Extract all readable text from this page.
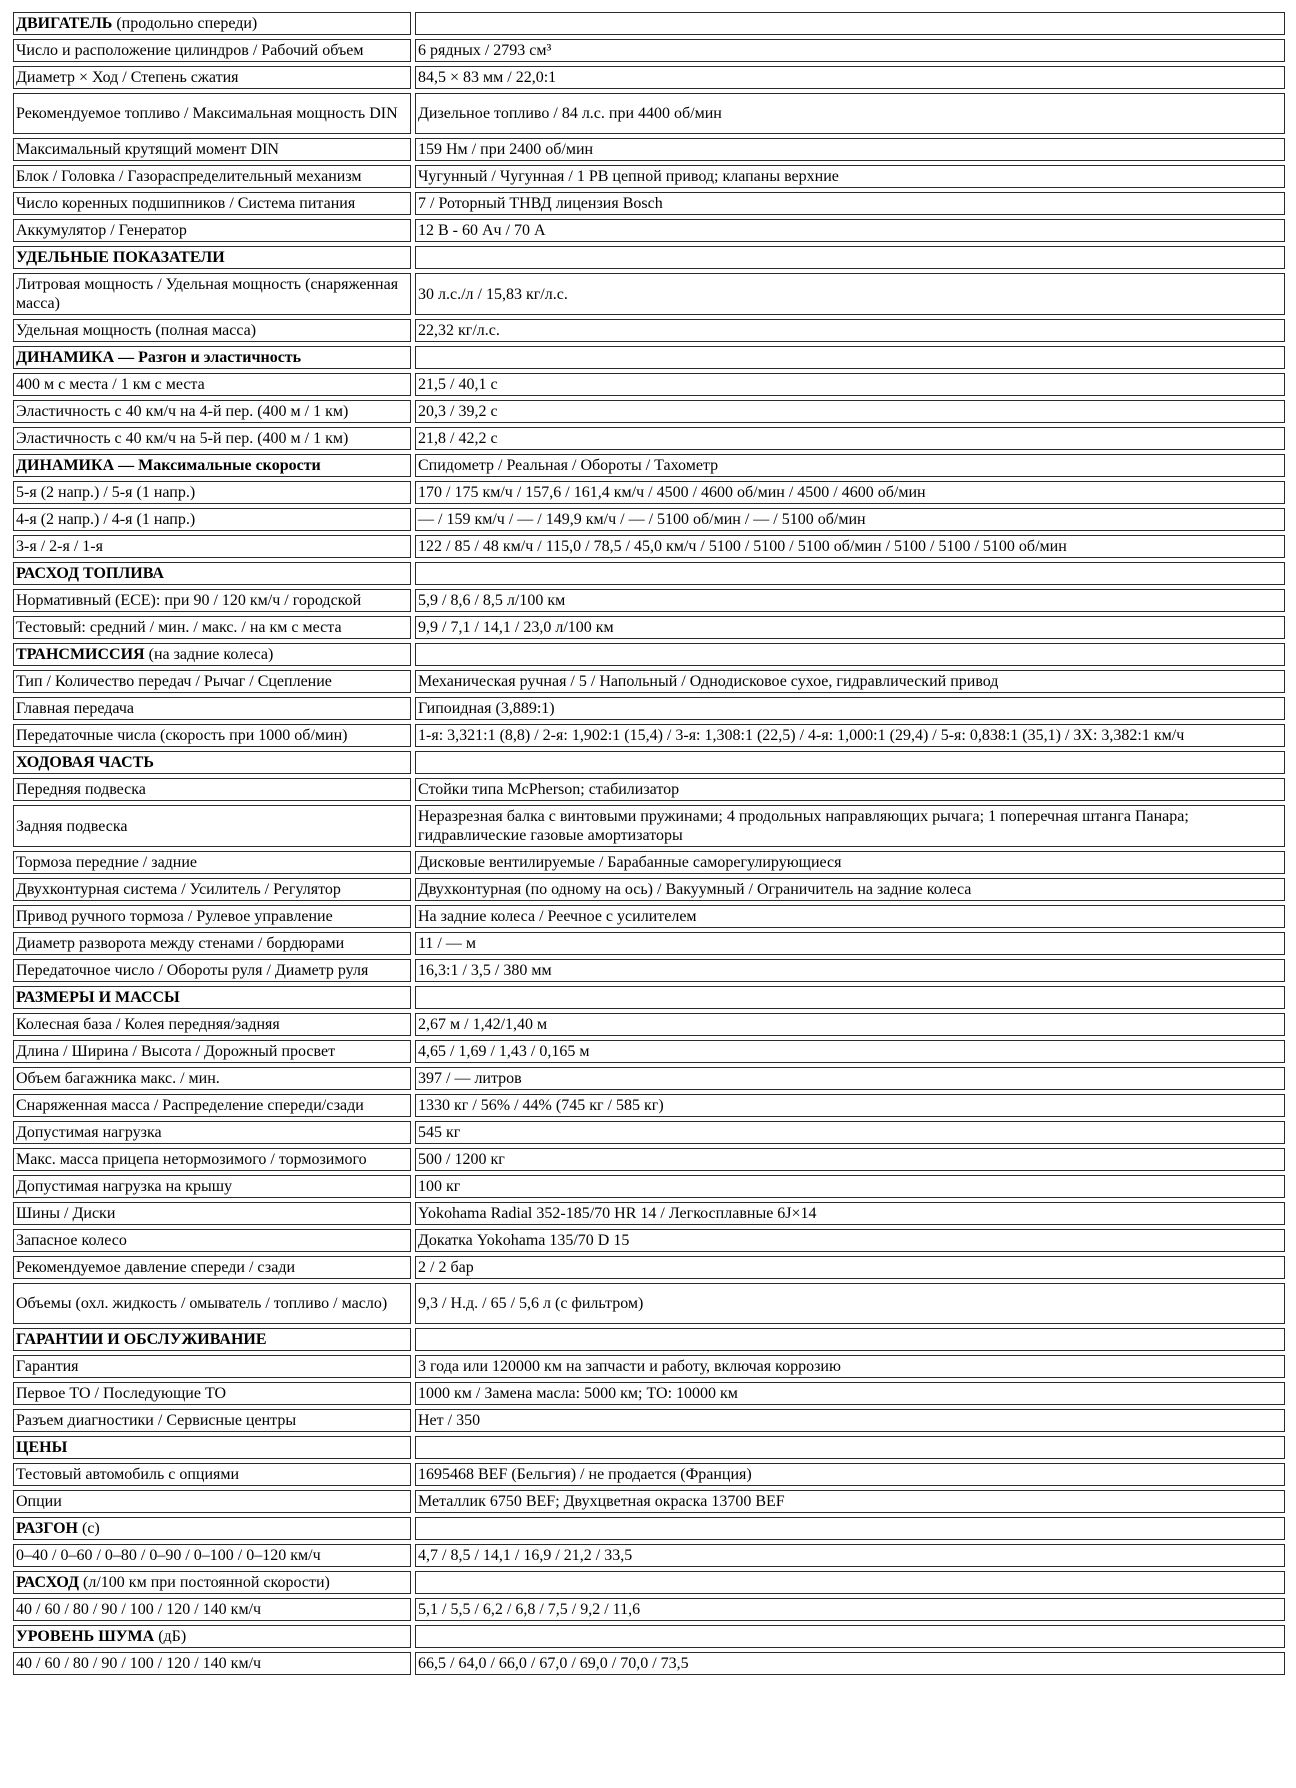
ДВИГАТЕЛЬ (продольно спереди)	
Число и расположение цилиндров / Рабочий объем	6 рядных / 2793 см³
Диаметр × Ход / Степень сжатия	84,5 × 83 мм / 22,0:1
Рекомендуемое топливо / Максимальная мощность DIN	Дизельное топливо / 84 л.с. при 4400 об/мин
Максимальный крутящий момент DIN	159 Нм / при 2400 об/мин
Блок / Головка / Газораспределительный механизм	Чугунный / Чугунная / 1 РВ цепной привод; клапаны верхние
Число коренных подшипников / Система питания	7 / Роторный ТНВД лицензия Bosch
Аккумулятор / Генератор	12 В - 60 Ач / 70 А
УДЕЛЬНЫЕ ПОКАЗАТЕЛИ	
Литровая мощность / Удельная мощность (снаряженная масса)	30 л.с./л / 15,83 кг/л.с.
Удельная мощность (полная масса)	22,32 кг/л.с.
ДИНАМИКА — Разгон и эластичность	
400 м с места / 1 км с места	21,5 / 40,1 с
Эластичность с 40 км/ч на 4-й пер. (400 м / 1 км)	20,3 / 39,2 с
Эластичность с 40 км/ч на 5-й пер. (400 м / 1 км)	21,8 / 42,2 с
ДИНАМИКА — Максимальные скорости	Спидометр / Реальная / Обороты / Тахометр
5-я (2 напр.) / 5-я (1 напр.)	170 / 175 км/ч / 157,6 / 161,4 км/ч / 4500 / 4600 об/мин / 4500 / 4600 об/мин
4-я (2 напр.) / 4-я (1 напр.)	— / 159 км/ч / — / 149,9 км/ч / — / 5100 об/мин / — / 5100 об/мин
3-я / 2-я / 1-я	122 / 85 / 48 км/ч / 115,0 / 78,5 / 45,0 км/ч / 5100 / 5100 / 5100 об/мин / 5100 / 5100 / 5100 об/мин
РАСХОД ТОПЛИВА	
Нормативный (ECE): при 90 / 120 км/ч / городской	5,9 / 8,6 / 8,5 л/100 км
Тестовый: средний / мин. / макс. / на км с места	9,9 / 7,1 / 14,1 / 23,0 л/100 км
ТРАНСМИССИЯ (на задние колеса)	
Тип / Количество передач / Рычаг / Сцепление	Механическая ручная / 5 / Напольный / Однодисковое сухое, гидравлический привод
Главная передача	Гипоидная (3,889:1)
Передаточные числа (скорость при 1000 об/мин)	1-я: 3,321:1 (8,8) / 2-я: 1,902:1 (15,4) / 3-я: 1,308:1 (22,5) / 4-я: 1,000:1 (29,4) / 5-я: 0,838:1 (35,1) / ЗХ: 3,382:1 км/ч
ХОДОВАЯ ЧАСТЬ	
Передняя подвеска	Стойки типа McPherson; стабилизатор
Задняя подвеска	Неразрезная балка с винтовыми пружинами; 4 продольных направляющих рычага; 1 поперечная штанга Панара; гидравлические газовые амортизаторы
Тормоза передние / задние	Дисковые вентилируемые / Барабанные саморегулирующиеся
Двухконтурная система / Усилитель / Регулятор	Двухконтурная (по одному на ось) / Вакуумный / Ограничитель на задние колеса
Привод ручного тормоза / Рулевое управление	На задние колеса / Реечное с усилителем
Диаметр разворота между стенами / бордюрами	11 / — м
Передаточное число / Обороты руля / Диаметр руля	16,3:1 / 3,5 / 380 мм
РАЗМЕРЫ И МАССЫ	
Колесная база / Колея передняя/задняя	2,67 м / 1,42/1,40 м
Длина / Ширина / Высота / Дорожный просвет	4,65 / 1,69 / 1,43 / 0,165 м
Объем багажника макс. / мин.	397 / — литров
Снаряженная масса / Распределение спереди/сзади	1330 кг / 56% / 44% (745 кг / 585 кг)
Допустимая нагрузка	545 кг
Макс. масса прицепа нетормозимого / тормозимого	500 / 1200 кг
Допустимая нагрузка на крышу	100 кг
Шины / Диски	Yokohama Radial 352-185/70 HR 14 / Легкосплавные 6J×14
Запасное колесо	Докатка Yokohama 135/70 D 15
Рекомендуемое давление спереди / сзади	2 / 2 бар
Объемы (охл. жидкость / омыватель / топливо / масло)	9,3 / Н.д. / 65 / 5,6 л (с фильтром)
ГАРАНТИИ И ОБСЛУЖИВАНИЕ	
Гарантия	3 года или 120000 км на запчасти и работу, включая коррозию
Первое ТО / Последующие ТО	1000 км / Замена масла: 5000 км; ТО: 10000 км
Разъем диагностики / Сервисные центры	Нет / 350
ЦЕНЫ	
Тестовый автомобиль с опциями	1695468 BEF (Бельгия) / не продается (Франция)
Опции	Металлик 6750 BEF; Двухцветная окраска 13700 BEF
РАЗГОН (с)	
0–40 / 0–60 / 0–80 / 0–90 / 0–100 / 0–120 км/ч	4,7 / 8,5 / 14,1 / 16,9 / 21,2 / 33,5
РАСХОД (л/100 км при постоянной скорости)	
40 / 60 / 80 / 90 / 100 / 120 / 140 км/ч	5,1 / 5,5 / 6,2 / 6,8 / 7,5 / 9,2 / 11,6
УРОВЕНЬ ШУМА (дБ)	
40 / 60 / 80 / 90 / 100 / 120 / 140 км/ч	66,5 / 64,0 / 66,0 / 67,0 / 69,0 / 70,0 / 73,5
